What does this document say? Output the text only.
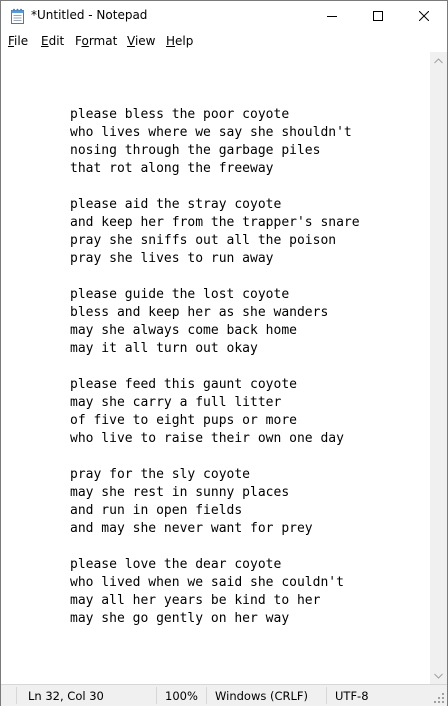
*Untitled - Notepad
File Edit Format View Help
please bless the poor coyote
who lives where we say she shouldn't
nosing through the garbage piles
that rot along the freeway

please aid the stray coyote
and keep her from the trapper's snare
pray she sniffs out all the poison
pray she lives to run away

please guide the lost coyote
bless and keep her as she wanders
may she always come back home
may it all turn out okay

please feed this gaunt coyote
may she carry a full litter
of five to eight pups or more
who live to raise their own one day

pray for the sly coyote
may she rest in sunny places
and run in open fields
and may she never want for prey

please love the dear coyote
who lived when we said she couldn't
may all her years be kind to her
may she go gently on her way
Ln 32, Col 30	100% Windows (CRLF) UTF-8
